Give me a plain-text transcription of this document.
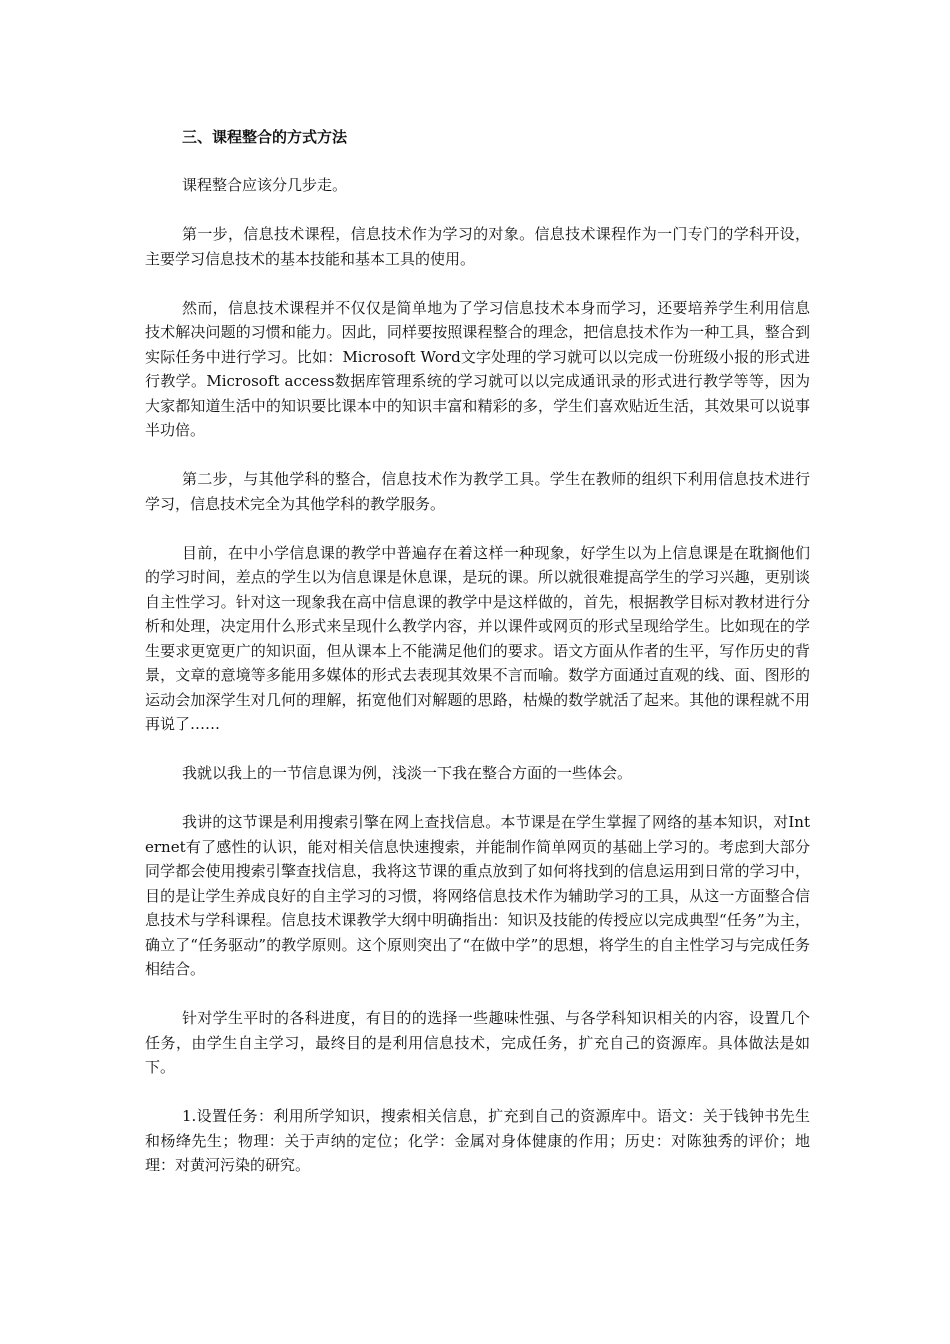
三、课程整合的方式方法

课程整合应该分几步走。

第一步，信息技术课程，信息技术作为学习的对象。信息技术课程作为一门专门的学科开设，主要学习信息技术的基本技能和基本工具的使用。

然而，信息技术课程并不仅仅是简单地为了学习信息技术本身而学习，还要培养学生利用信息技术解决问题的习惯和能力。因此，同样要按照课程整合的理念，把信息技术作为一种工具，整合到实际任务中进行学习。比如：Microsoft Word文字处理的学习就可以以完成一份班级小报的形式进行教学。Microsoft access数据库管理系统的学习就可以以完成通讯录的形式进行教学等等，因为大家都知道生活中的知识要比课本中的知识丰富和精彩的多，学生们喜欢贴近生活，其效果可以说事半功倍。

第二步，与其他学科的整合，信息技术作为教学工具。学生在教师的组织下利用信息技术进行学习，信息技术完全为其他学科的教学服务。

目前，在中小学信息课的教学中普遍存在着这样一种现象，好学生以为上信息课是在耽搁他们的学习时间，差点的学生以为信息课是休息课，是玩的课。所以就很难提高学生的学习兴趣，更别谈自主性学习。针对这一现象我在高中信息课的教学中是这样做的，首先，根据教学目标对教材进行分析和处理，决定用什么形式来呈现什么教学内容，并以课件或网页的形式呈现给学生。比如现在的学生要求更宽更广的知识面，但从课本上不能满足他们的要求。语文方面从作者的生平，写作历史的背景，文章的意境等多能用多媒体的形式去表现其效果不言而喻。数学方面通过直观的线、面、图形的运动会加深学生对几何的理解，拓宽他们对解题的思路，枯燥的数学就活了起来。其他的课程就不用再说了……

我就以我上的一节信息课为例，浅淡一下我在整合方面的一些体会。

我讲的这节课是利用搜索引擎在网上查找信息。本节课是在学生掌握了网络的基本知识，对Internet有了感性的认识，能对相关信息快速搜索，并能制作简单网页的基础上学习的。考虑到大部分同学都会使用搜索引擎查找信息，我将这节课的重点放到了如何将找到的信息运用到日常的学习中，目的是让学生养成良好的自主学习的习惯，将网络信息技术作为辅助学习的工具，从这一方面整合信息技术与学科课程。信息技术课教学大纲中明确指出：知识及技能的传授应以完成典型“任务”为主，确立了“任务驱动”的教学原则。这个原则突出了“在做中学”的思想，将学生的自主性学习与完成任务相结合。

针对学生平时的各科进度，有目的的选择一些趣味性强、与各学科知识相关的内容，设置几个任务，由学生自主学习，最终目的是利用信息技术，完成任务，扩充自己的资源库。具体做法是如下。

1.设置任务：利用所学知识，搜索相关信息，扩充到自己的资源库中。语文：关于钱钟书先生和杨绛先生；物理：关于声纳的定位；化学：金属对身体健康的作用；历史：对陈独秀的评价；地理：对黄河污染的研究。
